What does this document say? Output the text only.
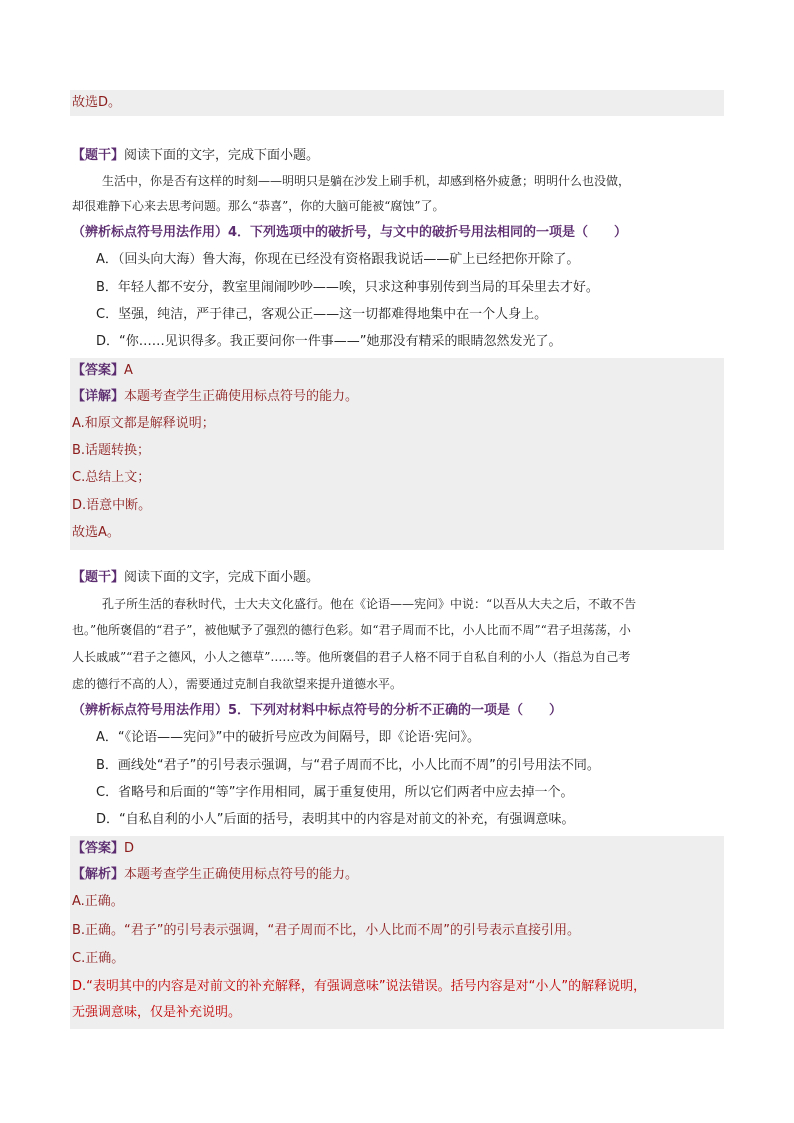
故选D。
【题干】阅读下面的文字，完成下面小题。
生活中，你是否有这样的时刻——明明只是躺在沙发上刷手机，却感到格外疲惫；明明什么也没做，
却很难静下心来去思考问题。那么“恭喜”，你的大脑可能被“腐蚀”了。
（辨析标点符号用法作用）4．下列选项中的破折号，与文中的破折号用法相同的一项是（　　）
A．（回头向大海）鲁大海，你现在已经没有资格跟我说话——矿上已经把你开除了。
B．年轻人都不安分，教室里闹闹吵吵——唉，只求这种事别传到当局的耳朵里去才好。
C．坚强，纯洁，严于律己，客观公正——这一切都难得地集中在一个人身上。
D．“你……见识得多。我正要问你一件事——”她那没有精采的眼睛忽然发光了。
【答案】A
【详解】本题考查学生正确使用标点符号的能力。
A.和原文都是解释说明；
B.话题转换；
C.总结上文；
D.语意中断。
故选A。
【题干】阅读下面的文字，完成下面小题。
孔子所生活的春秋时代，士大夫文化盛行。他在《论语——宪问》中说：“以吾从大夫之后，不敢不告
也。”他所褒倡的“君子”，被他赋予了强烈的德行色彩。如“君子周而不比，小人比而不周”“君子坦荡荡，小
人长戚戚”“君子之德风，小人之德草”……等。他所褒倡的君子人格不同于自私自利的小人（指总为自己考
虑的德行不高的人），需要通过克制自我欲望来提升道德水平。
（辨析标点符号用法作用）5．下列对材料中标点符号的分析不正确的一项是（　　）
A．“《论语——宪问》”中的破折号应改为间隔号，即《论语·宪问》。
B．画线处“君子”的引号表示强调，与“君子周而不比，小人比而不周”的引号用法不同。
C．省略号和后面的“等”字作用相同，属于重复使用，所以它们两者中应去掉一个。
D．“自私自利的小人”后面的括号，表明其中的内容是对前文的补充，有强调意味。
【答案】D
【解析】本题考查学生正确使用标点符号的能力。
A.正确。
B.正确。“君子”的引号表示强调，“君子周而不比，小人比而不周”的引号表示直接引用。
C.正确。
D.“表明其中的内容是对前文的补充解释，有强调意味”说法错误。括号内容是对“小人”的解释说明，
无强调意味，仅是补充说明。
